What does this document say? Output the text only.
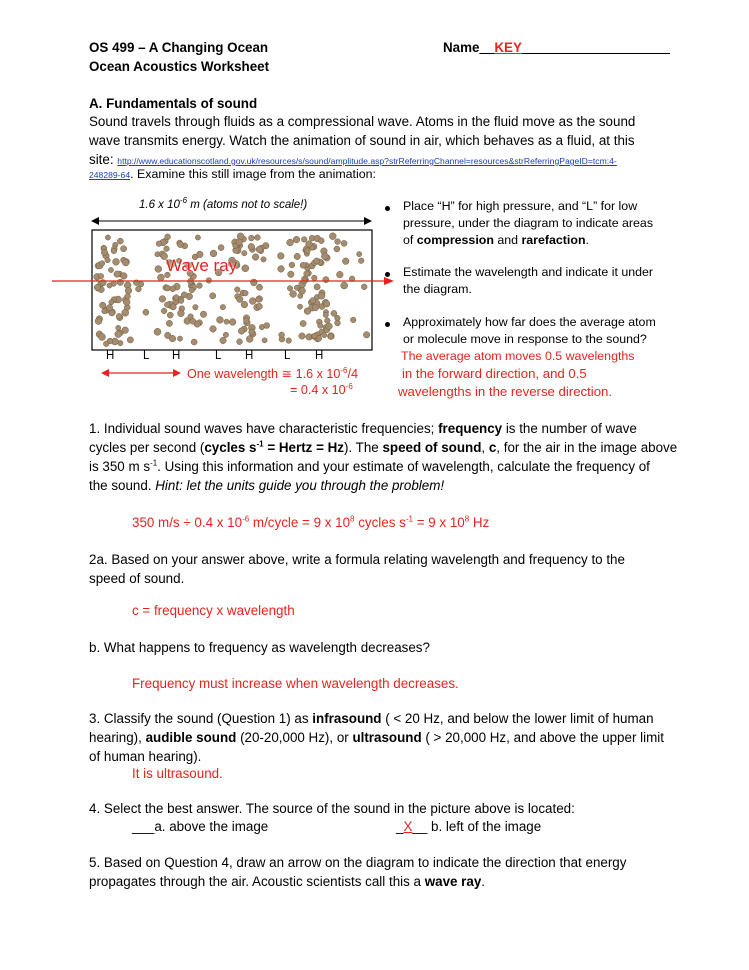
OS 499 – A Changing Ocean
Ocean Acoustics Worksheet
Name__KEY
A. Fundamentals of sound
Sound travels through fluids as a compressional wave. Atoms in the fluid move as the sound
wave transmits energy. Watch the animation of sound in air, which behaves as a fluid, at this
site: http://www.educationscotland.gov.uk/resources/s/sound/amplitude.asp?strReferringChannel=resources&strReferringPageID=tcm:4-
248289-64. Examine this still image from the animation:
1.6 x $10^{-6}$ m (atoms not to scale!)
Wave ray
H L H	L H	L H
One wavelength ≅ 1.6 x $10^{-6}/4$
= 0.4 x $10^{-6}$
Place “H” for high pressure, and “L” for low
pressure, under the diagram to indicate areas
of compression and rarefaction.
Estimate the wavelength and indicate it under
the diagram.
Approximately how far does the average atom
or molecule move in response to the sound?
The average atom moves 0.5 wavelengths
in the forward direction, and 0.5
wavelengths in the reverse direction.
1. Individual sound waves have characteristic frequencies; frequency is the number of wave
cycles per second (cycles $s^{-1}$ = Hertz = Hz). The speed of sound, c, for the air in the image above
is 350 m $s^{-1}$. Using this information and your estimate of wavelength, calculate the frequency of
the sound. Hint: let the units guide you through the problem!
350 m/s ÷ 0.4 x $10^{-6}$ m/cycle = 9 x $10^8$ cycles $s^{-1} = 9$ x $10^8$ Hz
2a. Based on your answer above, write a formula relating wavelength and frequency to the
speed of sound.
c = frequency x wavelength
b. What happens to frequency as wavelength decreases?
Frequency must increase when wavelength decreases.
3. Classify the sound (Question 1) as infrasound ( < 20 Hz, and below the lower limit of human
hearing), audible sound (20-20,000 Hz), or ultrasound ( > 20,000 Hz, and above the upper limit
of human hearing).
It is ultrasound.
4. Select the best answer. The source of the sound in the picture above is located:
___a. above the image	_X__ b. left of the image
5. Based on Question 4, draw an arrow on the diagram to indicate the direction that energy
propagates through the air. Acoustic scientists call this a wave ray.
